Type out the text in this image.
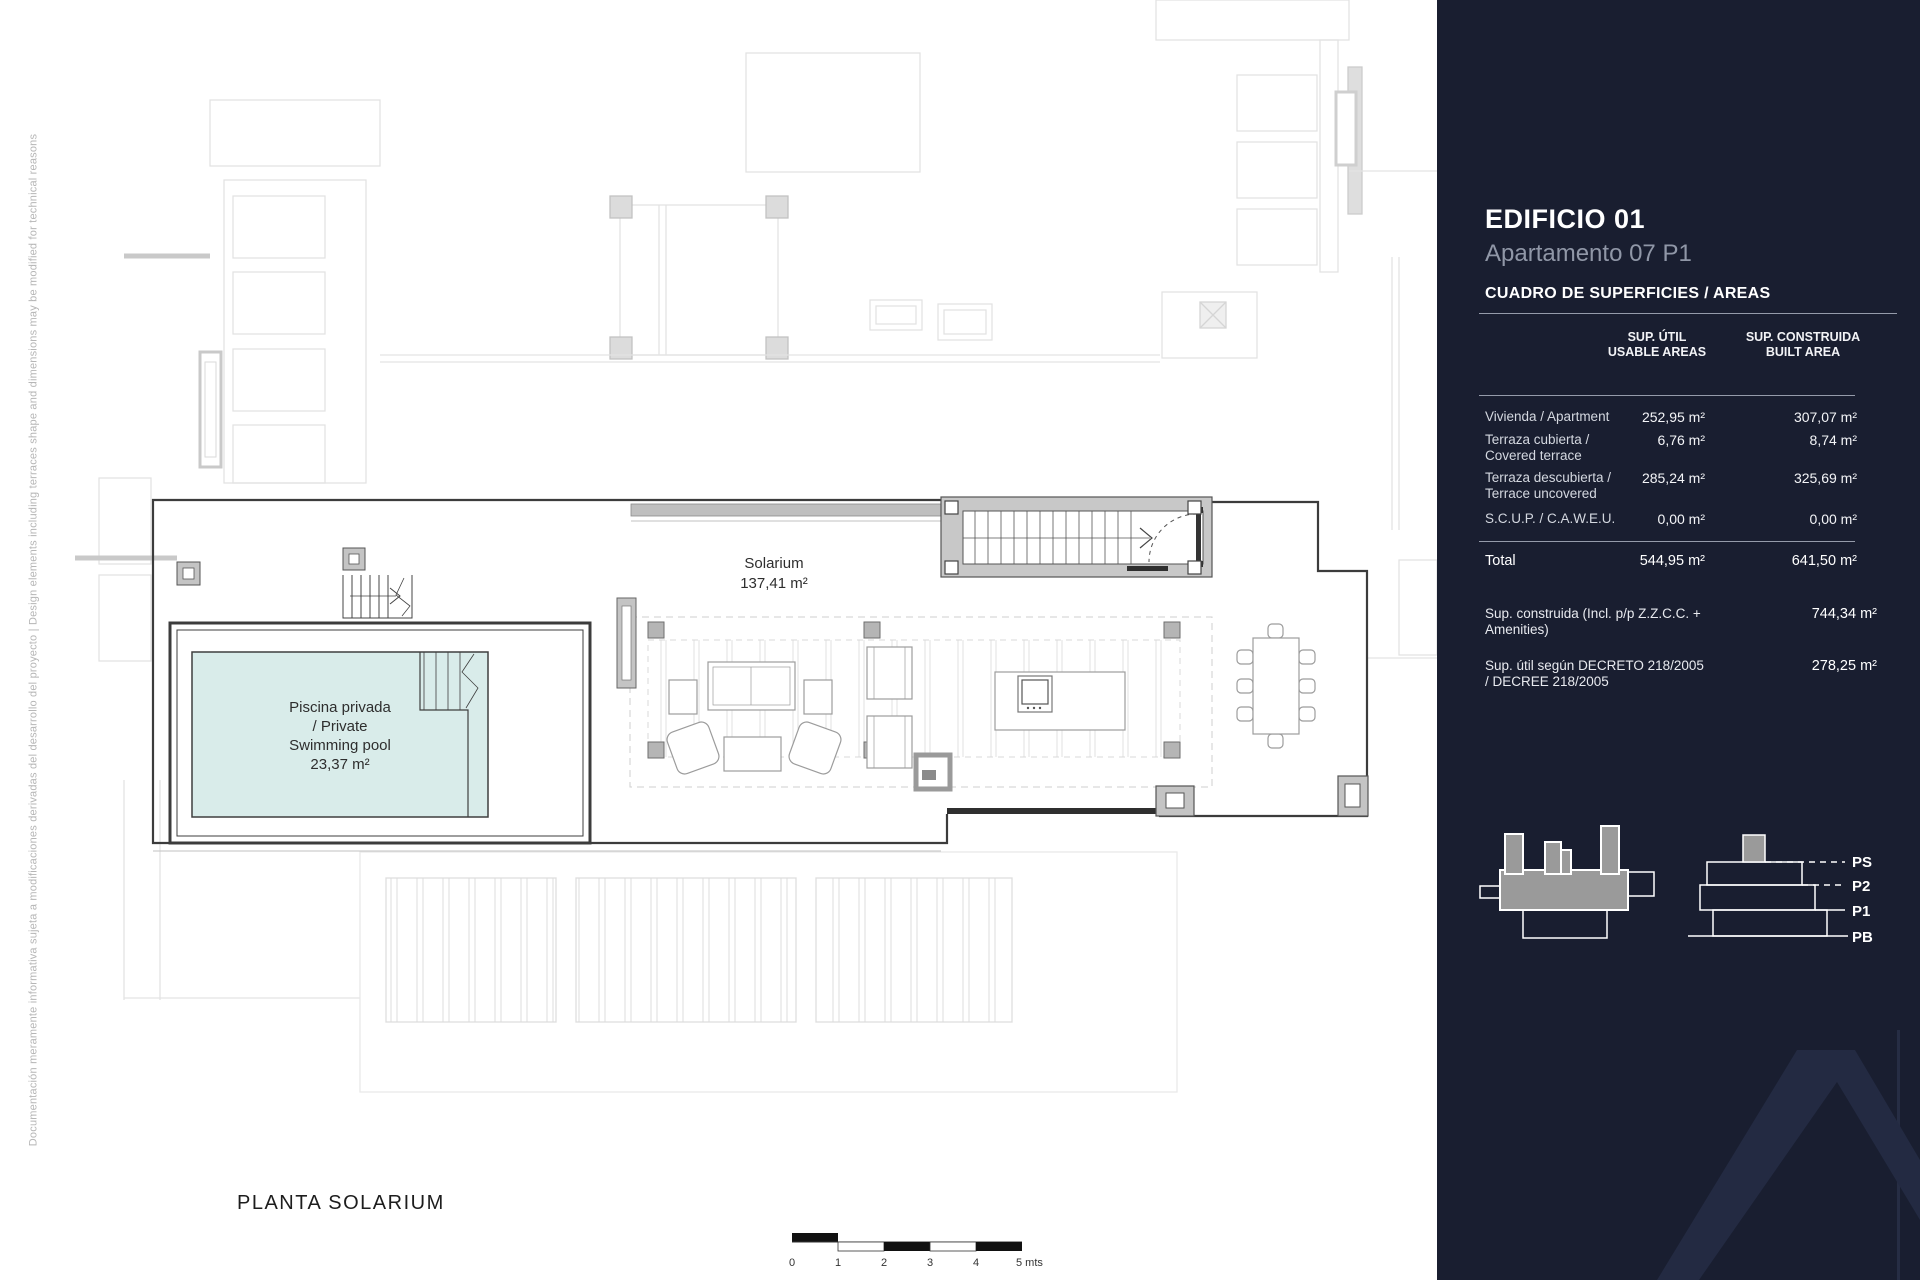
Solarium
137,41 m²
Piscina privada
/ Private
Swimming pool
23,37 m²
0	1	2	3	4	5 mts
PLANTA SOLARIUM
Documentación meramente informativa sujeta a modificaciones derivadas del desarrollo del proyecto | Design elements including terraces shape and dimensions may be modified for technical reasons	EDIFICIO 01
Apartamento 07 P1
CUADRO DE SUPERFICIES / AREAS
SUP. ÚTIL
USABLE AREAS
SUP. CONSTRUIDA
BUILT AREA
Vivienda / Apartment	252,95 m²	307,07 m²
Terraza cubierta /
Covered terrace
6,76 m²	8,74 m²
Terraza descubierta /
Terrace uncovered
285,24 m²	325,69 m²
S.C.U.P. / C.A.W.E.U.	0,00 m²	0,00 m²
Total	544,95 m²	641,50 m²
Sup. construida (Incl. p/p Z.Z.C.C. + Amenities)

744,34 m²
Sup. útil según DECRETO 218/2005
/ DECREE 218/2005
278,25 m²
PS
P2
P1
PB
